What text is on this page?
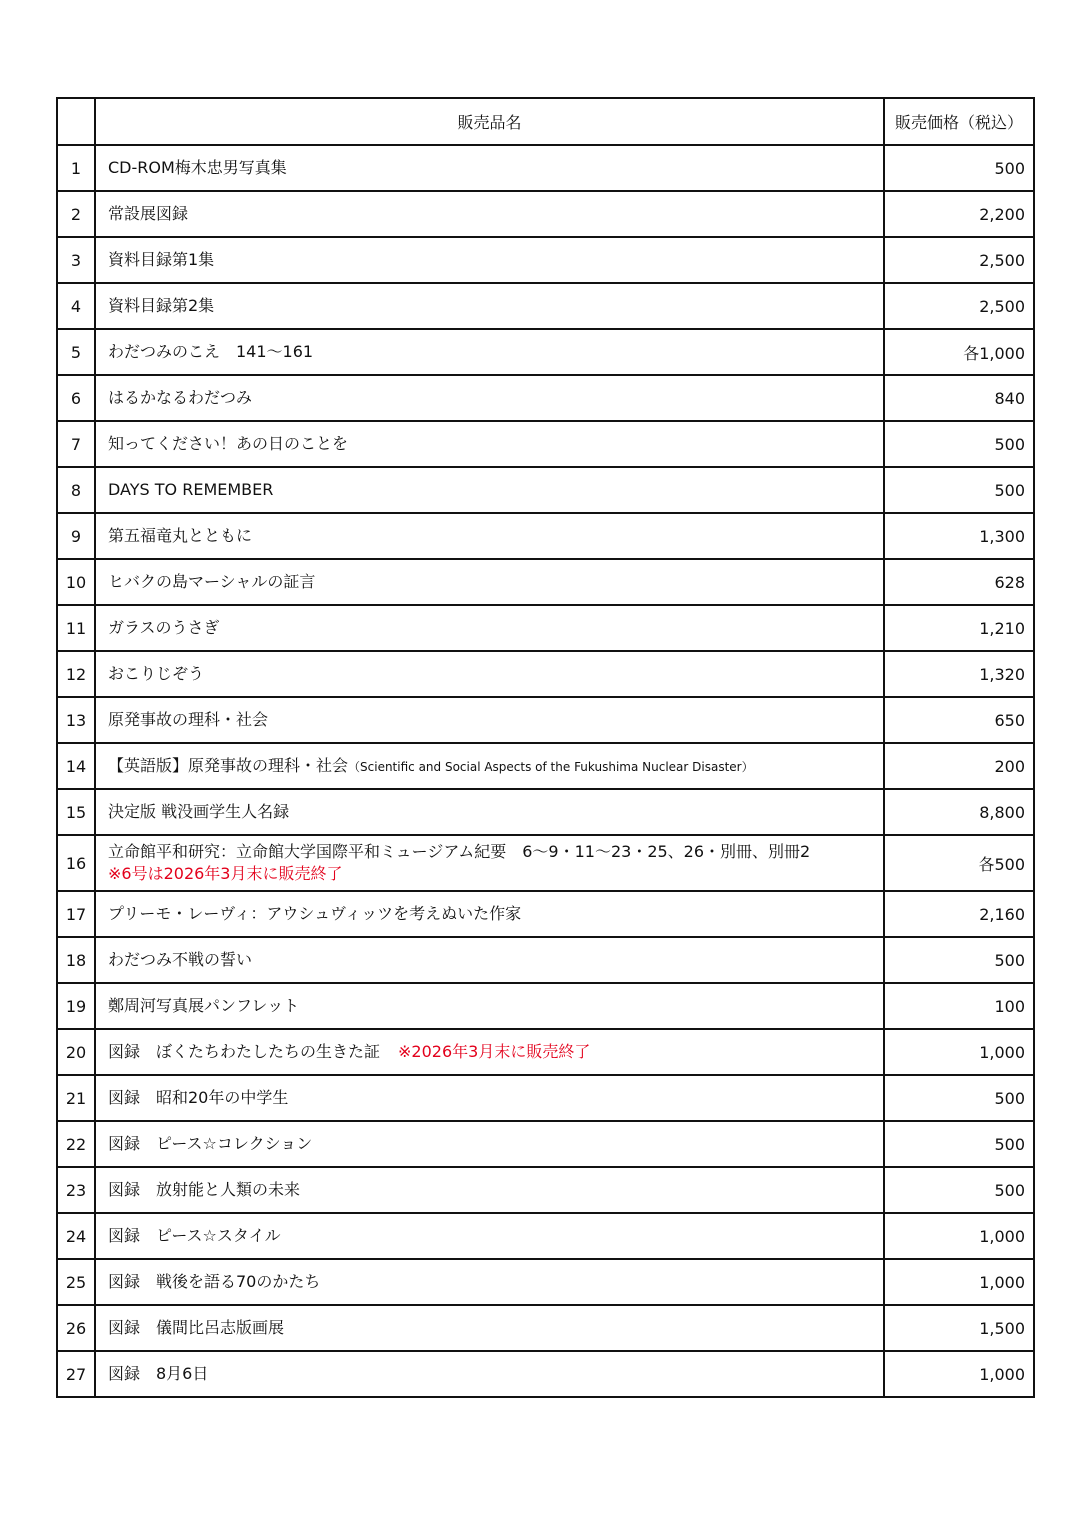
	販売品名	販売価格（税込）
1	CD-ROM梅木忠男写真集	500
2	常設展図録	2,200
3	資料目録第1集	2,500
4	資料目録第2集	2,500
5	わだつみのこえ　141〜161	各1,000
6	はるかなるわだつみ	840
7	知ってください！あの日のことを	500
8	DAYS TO REMEMBER	500
9	第五福竜丸とともに	1,300
10	ヒバクの島マーシャルの証言	628
11	ガラスのうさぎ	1,210
12	おこりじぞう	1,320
13	原発事故の理科・社会	650
14	【英語版】原発事故の理科・社会（Scientific and Social Aspects of the Fukushima Nuclear Disaster）	200
15	決定版 戦没画学生人名録	8,800
16	立命館平和研究：立命館大学国際平和ミュージアム紀要　6〜9・11〜23・25、26・別冊、別冊2
※6号は2026年3月末に販売終了	各500
17	プリーモ・レーヴィ：アウシュヴィッツを考えぬいた作家	2,160
18	わだつみ不戦の誓い	500
19	鄭周河写真展パンフレット	100
20	図録　ぼくたちわたしたちの生きた証 ※2026年3月末に販売終了	1,000
21	図録　昭和20年の中学生	500
22	図録　ピース☆コレクション	500
23	図録　放射能と人類の未来	500
24	図録　ピース☆スタイル	1,000
25	図録　戦後を語る70のかたち	1,000
26	図録　儀間比呂志版画展	1,500
27	図録　8月6日	1,000
